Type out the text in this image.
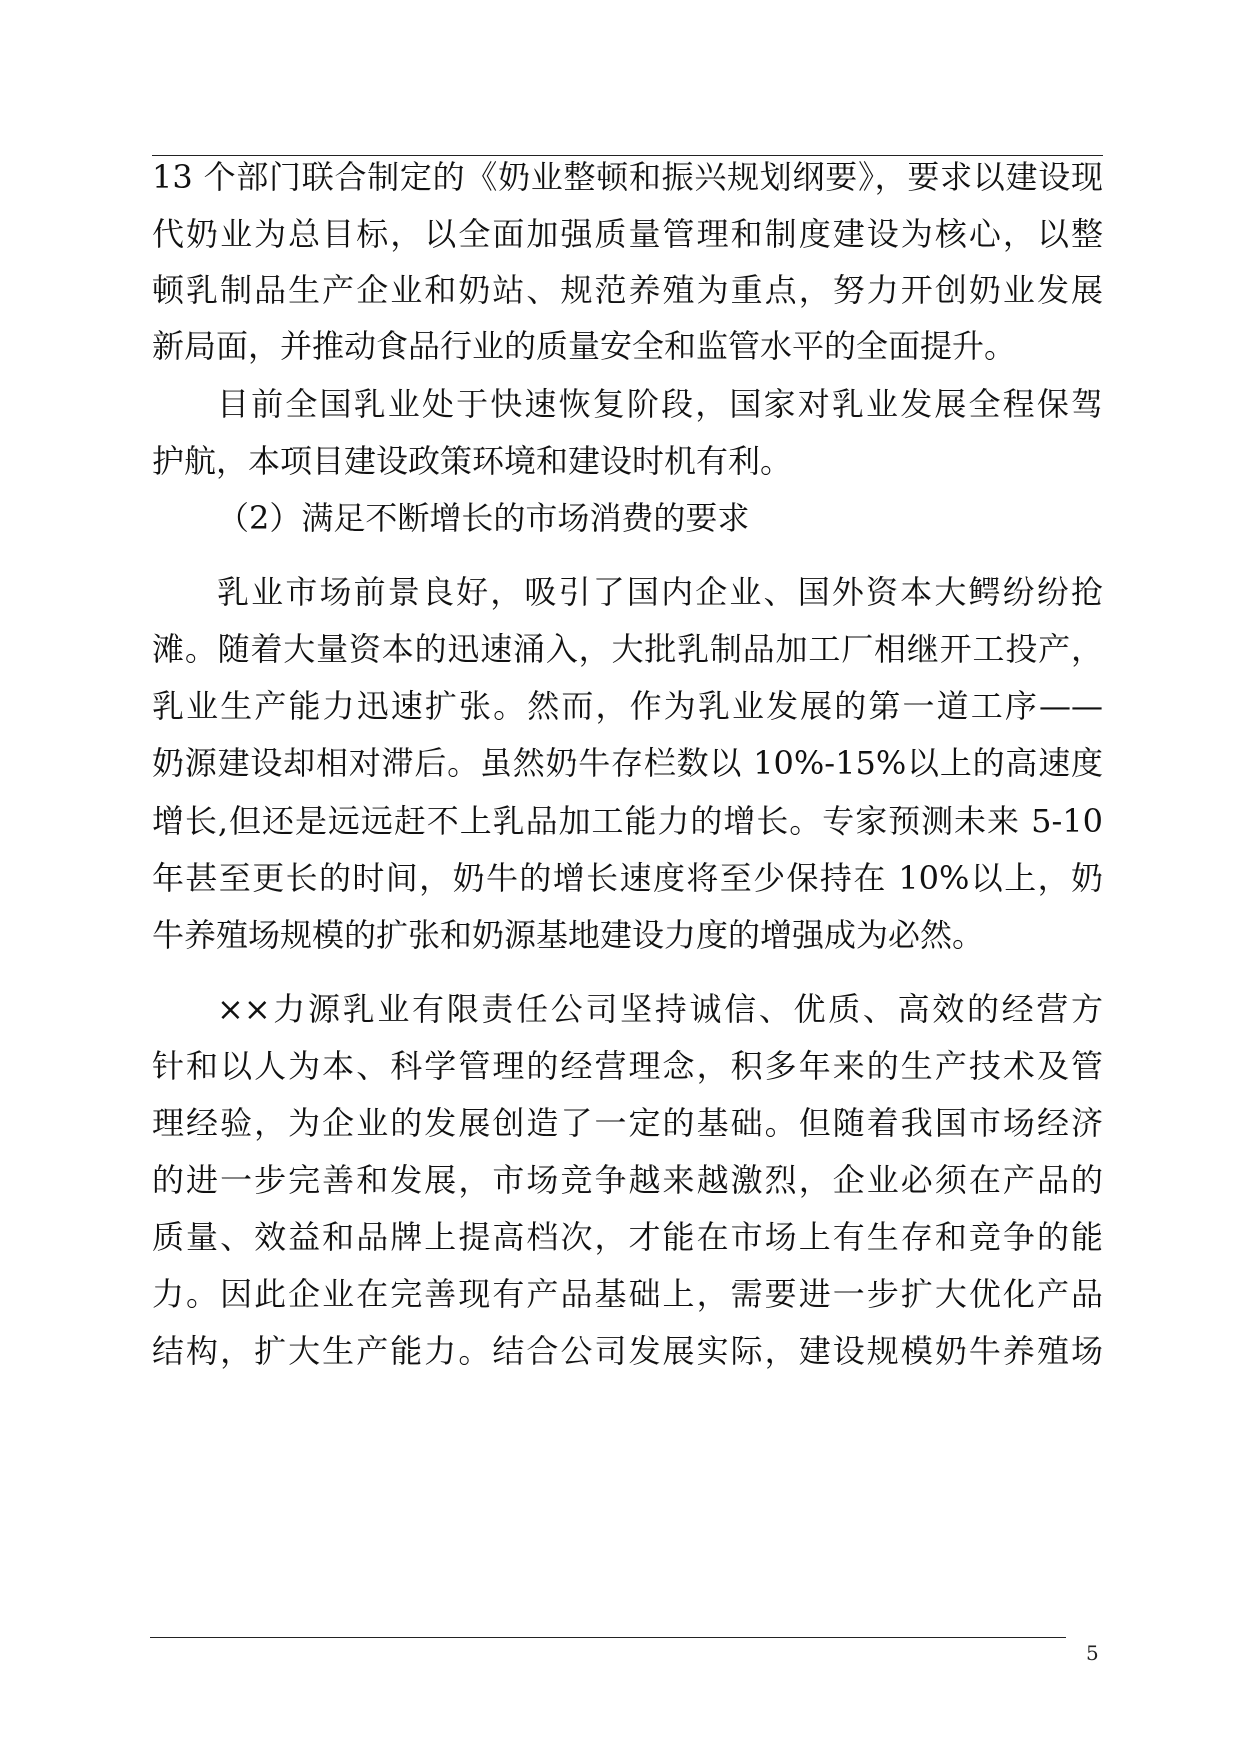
13 个部门联合制定的《奶业整顿和振兴规划纲要》，要求以建设现
代奶业为总目标，以全面加强质量管理和制度建设为核心，以整
顿乳制品生产企业和奶站、规范养殖为重点，努力开创奶业发展
新局面，并推动食品行业的质量安全和监管水平的全面提升。
目前全国乳业处于快速恢复阶段，国家对乳业发展全程保驾
护航，本项目建设政策环境和建设时机有利。
（2）满足不断增长的市场消费的要求
乳业市场前景良好，吸引了国内企业、国外资本大鳄纷纷抢
滩。随着大量资本的迅速涌入，大批乳制品加工厂相继开工投产，
乳业生产能力迅速扩张。然而，作为乳业发展的第一道工序——
奶源建设却相对滞后。虽然奶牛存栏数以 10%-15%以上的高速度
增长,但还是远远赶不上乳品加工能力的增长。专家预测未来 5-10
年甚至更长的时间，奶牛的增长速度将至少保持在 10%以上，奶
牛养殖场规模的扩张和奶源基地建设力度的增强成为必然。
××力源乳业有限责任公司坚持诚信、优质、高效的经营方
针和以人为本、科学管理的经营理念，积多年来的生产技术及管
理经验，为企业的发展创造了一定的基础。但随着我国市场经济
的进一步完善和发展，市场竞争越来越激烈，企业必须在产品的
质量、效益和品牌上提高档次，才能在市场上有生存和竞争的能
力。因此企业在完善现有产品基础上，需要进一步扩大优化产品
结构，扩大生产能力。结合公司发展实际，建设规模奶牛养殖场
5
